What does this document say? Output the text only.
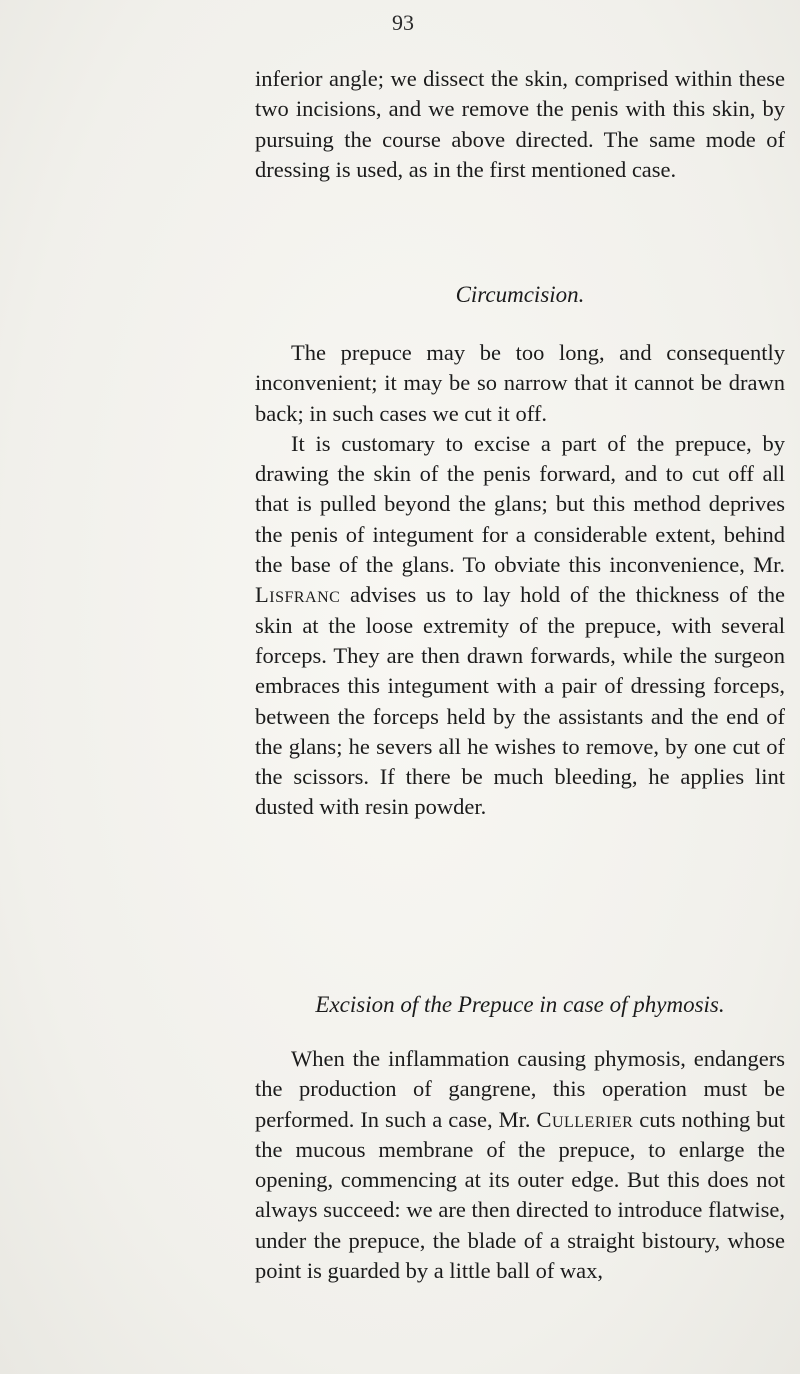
93

inferior angle; we dissect the skin, comprised within these two incisions, and we remove the penis with this skin, by pursuing the course above directed. The same mode of dressing is used, as in the first mentioned case.

Circumcision.

The prepuce may be too long, and consequently inconvenient; it may be so narrow that it cannot be drawn back; in such cases we cut it off.

It is customary to excise a part of the prepuce, by drawing the skin of the penis forward, and to cut off all that is pulled beyond the glans; but this method deprives the penis of integument for a considerable extent, behind the base of the glans. To obviate this inconvenience, Mr. Lisfranc advises us to lay hold of the thickness of the skin at the loose extremity of the prepuce, with several forceps. They are then drawn forwards, while the surgeon embraces this integument with a pair of dressing forceps, between the forceps held by the assistants and the end of the glans; he severs all he wishes to remove, by one cut of the scissors. If there be much bleeding, he applies lint dusted with resin powder.

Excision of the Prepuce in case of phymosis.

When the inflammation causing phymosis, endangers the production of gangrene, this operation must be performed. In such a case, Mr. Cullerier cuts nothing but the mucous membrane of the prepuce, to enlarge the opening, commencing at its outer edge. But this does not always succeed: we are then directed to introduce flatwise, under the prepuce, the blade of a straight bistoury, whose point is guarded by a little ball of wax,
